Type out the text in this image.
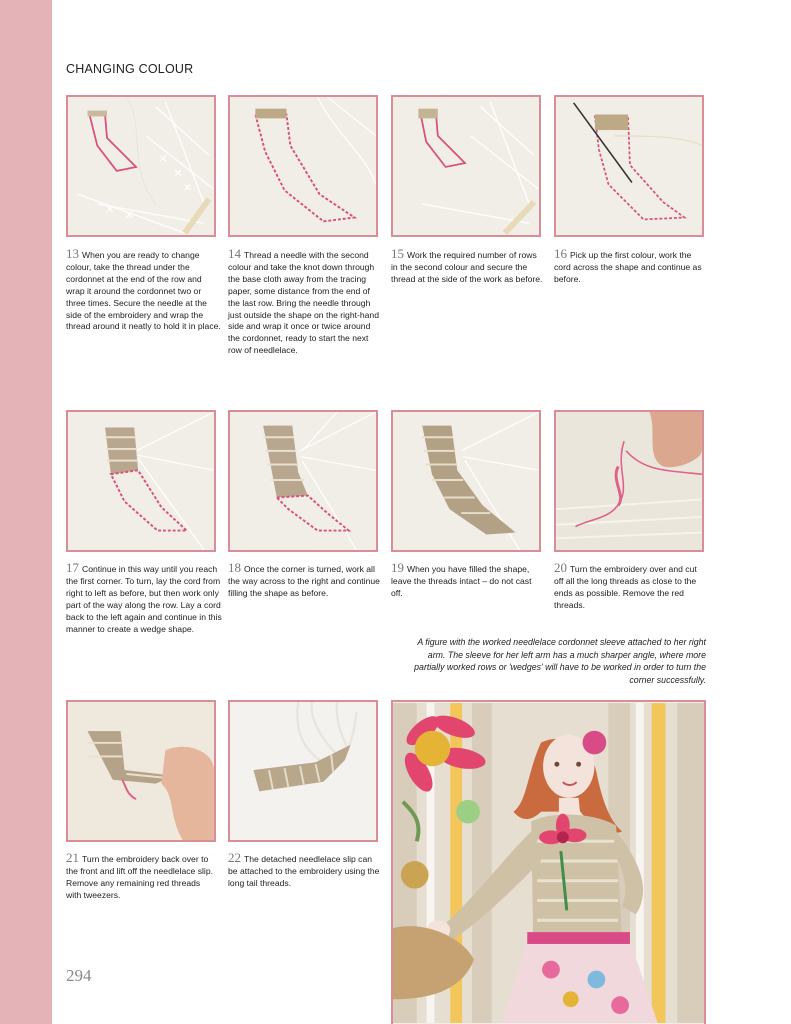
CHANGING COLOUR

13 When you are ready to change colour, take the thread under the cordonnet at the end of the row and wrap it around the cordonnet two or three times. Secure the needle at the side of the embroidery and wrap the thread around it neatly to hold it in place.

14 Thread a needle with the second colour and take the knot down through the base cloth away from the tracing paper, some distance from the end of the last row. Bring the needle through just outside the shape on the right-hand side and wrap it once or twice around the cordonnet, ready to start the next row of needlelace.

15 Work the required number of rows in the second colour and secure the thread at the side of the work as before.

16 Pick up the first colour, work the cord across the shape and continue as before.

17 Continue in this way until you reach the first corner. To turn, lay the cord from right to left as before, but then work only part of the way along the row. Lay a cord back to the left again and continue in this manner to create a wedge shape.

18 Once the corner is turned, work all the way across to the right and continue filling the shape as before.

19 When you have filled the shape, leave the threads intact – do not cast off.

20 Turn the embroidery over and cut off all the long threads as close to the ends as possible. Remove the red threads.

A figure with the worked needlelace cordonnet sleeve attached to her right arm. The sleeve for her left arm has a much sharper angle, where more partially worked rows or 'wedges' will have to be worked in order to turn the corner successfully.

21 Turn the embroidery back over to the front and lift off the needlelace slip. Remove any remaining red threads with tweezers.

22 The detached needlelace slip can be attached to the embroidery using the long tail threads.

294
